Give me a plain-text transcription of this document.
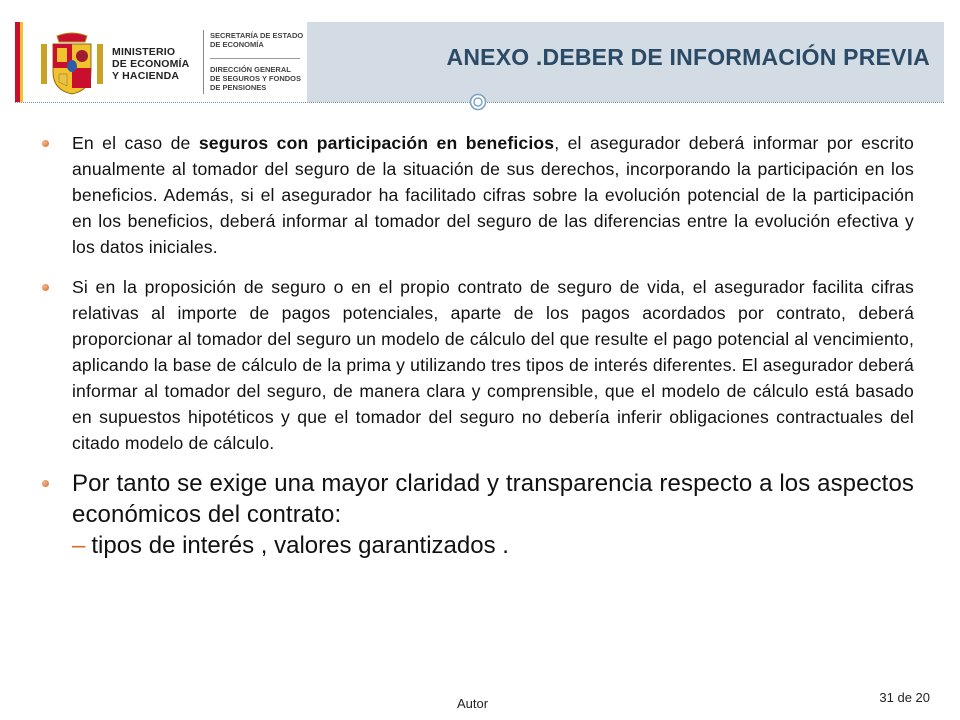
MINISTERIO
DE ECONOMÍA
Y HACIENDA
SECRETARÍA DE ESTADO
DE ECONOMÍA
DIRECCIÓN GENERAL
DE SEGUROS Y FONDOS
DE PENSIONES
ANEXO .DEBER DE INFORMACIÓN PREVIA

En el caso de seguros con participación en beneficios, el asegurador deberá informar por escrito anualmente al tomador del seguro de la situación de sus derechos, incorporando la participación en los beneficios. Además, si el asegurador ha facilitado cifras sobre la evolución potencial de la participación en los beneficios, deberá informar al tomador del seguro de las diferencias entre la evolución efectiva y los datos iniciales.

Si en la proposición de seguro o en el propio contrato de seguro de vida, el asegurador facilita cifras relativas al importe de pagos potenciales, aparte de los pagos acordados por contrato, deberá proporcionar al tomador del seguro un modelo de cálculo del que resulte el pago potencial al vencimiento, aplicando la base de cálculo de la prima y utilizando tres tipos de interés diferentes. El asegurador deberá informar al tomador del seguro, de manera clara y comprensible, que el modelo de cálculo está basado en supuestos hipotéticos y que el tomador del seguro no debería inferir obligaciones contractuales del citado modelo de cálculo.

Por tanto se exige una mayor claridad y transparencia respecto a los aspectos económicos del contrato:

– tipos de interés , valores garantizados .
Autor	31 de 20
